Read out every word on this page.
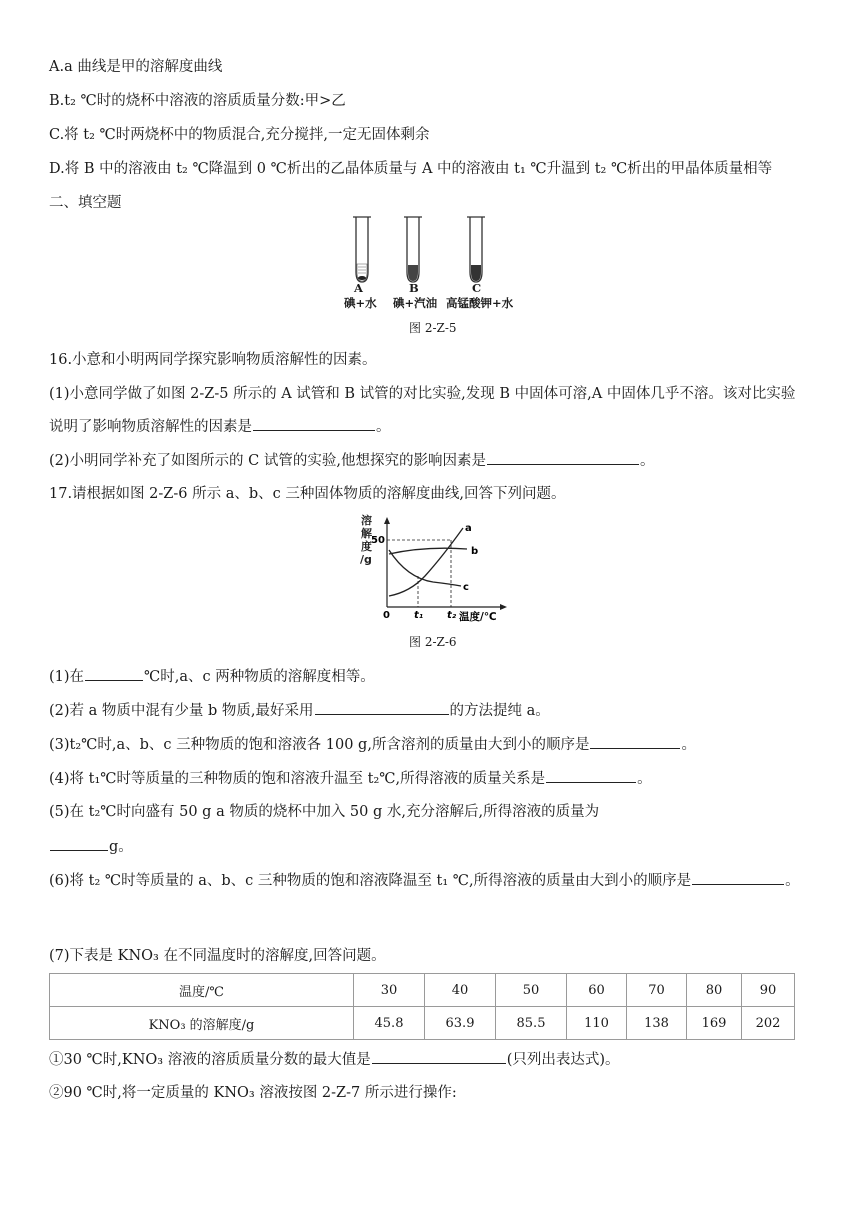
A.a 曲线是甲的溶解度曲线
B.t₂ ℃时的烧杯中溶液的溶质质量分数:甲>乙
C.将 t₂ ℃时两烧杯中的物质混合,充分搅拌,一定无固体剩余
D.将 B 中的溶液由 t₂ ℃降温到 0 ℃析出的乙晶体质量与 A 中的溶液由 t₁ ℃升温到 t₂ ℃析出的甲晶体质量相等
二、填空题
A	B	C
碘+水 碘+汽油 高锰酸钾+水
图 2-Z-5
16.小意和小明两同学探究影响物质溶解性的因素。
(1)小意同学做了如图 2-Z-5 所示的 A 试管和 B 试管的对比实验,发现 B 中固体可溶,A 中固体几乎不溶。该对比实验
说明了影响物质溶解性的因素是	。
(2)小明同学补充了如图所示的 C 试管的实验,他想探究的影响因素是	。
17.请根据如图 2-Z-6 所示 a、b、c 三种固体物质的溶解度曲线,回答下列问题。
溶
解
度
/g
50
0
a
b
c
t₁ t₂ 温度/℃
图 2-Z-6
(1)在	℃时,a、c 两种物质的溶解度相等。
(2)若 a 物质中混有少量 b 物质,最好采用	的方法提纯 a。
(3)t₂℃时,a、b、c 三种物质的饱和溶液各 100 g,所含溶剂的质量由大到小的顺序是	。
(4)将 t₁℃时等质量的三种物质的饱和溶液升温至 t₂℃,所得溶液的质量关系是	。
(5)在 t₂℃时向盛有 50 g a 物质的烧杯中加入 50 g 水,充分溶解后,所得溶液的质量为
g。
(6)将 t₂ ℃时等质量的 a、b、c 三种物质的饱和溶液降温至 t₁ ℃,所得溶液的质量由大到小的顺序是	。
(7)下表是 KNO₃ 在不同温度时的溶解度,回答问题。
温度/℃	30	40	50	60	70	80	90
KNO₃ 的溶解度/g	45.8	63.9	85.5	110	138	169	202
①30 ℃时,KNO₃ 溶液的溶质质量分数的最大值是	(只列出表达式)。
②90 ℃时,将一定质量的 KNO₃ 溶液按图 2-Z-7 所示进行操作:
